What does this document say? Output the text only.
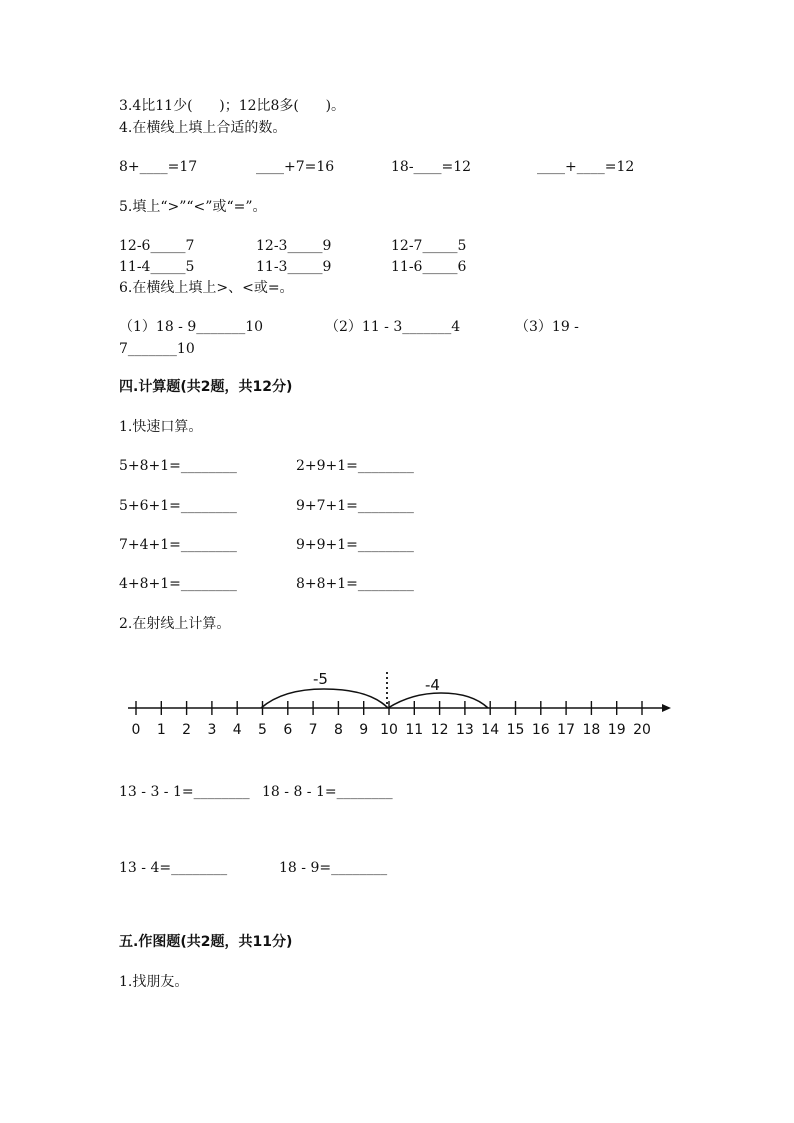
3.4比11少(      )；12比8多(      )。
4.在横线上填上合适的数。
8+____=17	____+7=16	18-____=12	____+____=12
5.填上“>”“<”或“=”。
12-6_____7	12-3_____9	12-7_____5
11-4_____5	11-3_____9	11-6_____6
6.在横线上填上>、<或=。
（1）18 - 9_______10	（2）11 - 3_______4	（3）19 -
7_______10
四.计算题(共2题，共12分)
1.快速口算。
5+8+1=________	2+9+1=________
5+6+1=________	9+7+1=________
7+4+1=________	9+9+1=________
4+8+1=________	8+8+1=________
2.在射线上计算。
0 1 2 3 4 5 6 7 8 9 10 11 12 13 14 15 16 17 18 19 20
-5	-4
13 - 3 - 1=________ 18 - 8 - 1=________
13 - 4=________	18 - 9=________
五.作图题(共2题，共11分)
1.找朋友。
